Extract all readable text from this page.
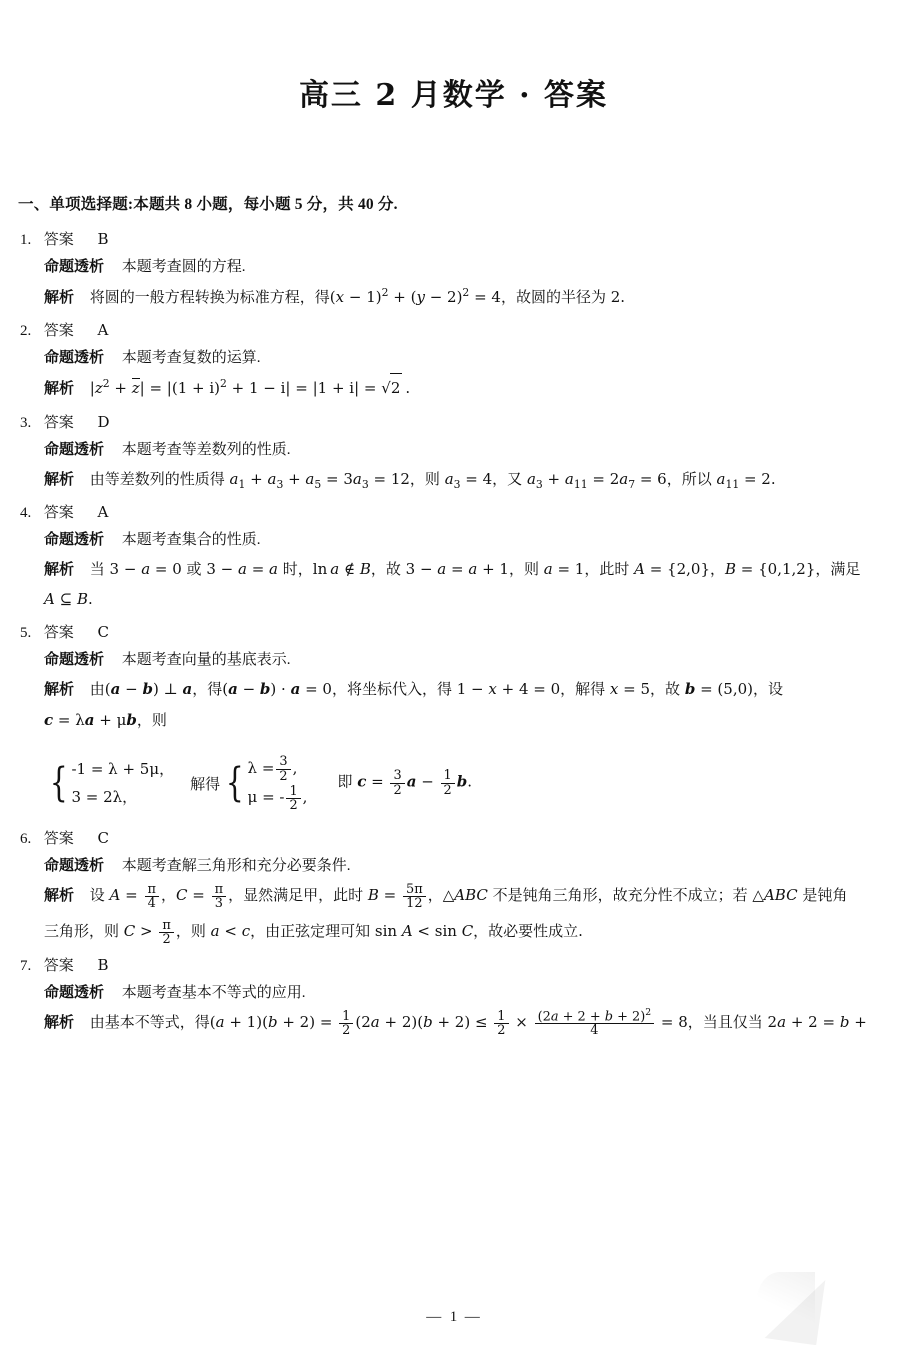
高三 2 月数学 · 答案
一、单项选择题:本题共 8 小题，每小题 5 分，共 40 分.
1. 答案 B
命题透析 本题考查圆的方程.
解析 将圆的一般方程转换为标准方程，得$(x - 1)^2 + (y - 2)^2 = 4$，故圆的半径为 2.
2. 答案 A
命题透析 本题考查复数的运算.
解析 $|z^2 + z| = |(1 + i)^2 + 1 - i| = |1 + i| = √2$ .
3. 答案 D
命题透析 本题考查等差数列的性质.
解析 由等差数列的性质得 $a_1 + a_3 + a_5 = 3a_3 = 12$，则 $a_3 = 4$，又 $a_3 + a_{11} = 2a_7 = 6$，所以 $a_{11} = 2$.
4. 答案 A
命题透析 本题考查集合的性质.
解析 当 3 − a = 0 或 3 − a = a 时，ln a ∉ B，故 3 − a = a + 1，则 a = 1，此时 A = {2,0}，B = {0,1,2}，满足 A ⊆ B.
5. 答案 C
命题透析 本题考查向量的基底表示.
解析 由(a − b) ⊥ a，得(a − b) · a = 0，将坐标代入，得 1 − x + 4 = 0，解得 x = 5，故 b = (5,0)，设 c = λa + μb，则
{ -1 = λ + 5μ，
3 = 2λ，
解得 { $\lambda = \frac{3}{2}$ ,
μ = - $\frac{1}{2}$ ,
即 $c = \frac{3}{2}$ $a - \frac{1}{2} b$.
6. 答案 C
命题透析 本题考查解三角形和充分必要条件.
解析 设 $A = \frac{\pi}{4}$ ，$C = \frac{\pi}{3}$ ，显然满足甲，此时 $B = \frac{5\pi}{12}$ ，△ABC 不是钝角三角形，故充分性不成立；若 △ABC 是钝角
三角形，则 $C > \frac{\pi}{2}$ ，则 a < c，由正弦定理可知 sin A < sin C，故必要性成立.
7. 答案 B
命题透析 本题考查基本不等式的应用.
解析 由基本不等式，得$(a + 1)(b + 2) = \frac{1}{2} (2a + 2)(b + 2) \le \frac{1}{2} \times \frac{(2a + 2 + b + 2)^2}{4} = 8$，当且仅当 2a + 2 = b +
— 1 —
